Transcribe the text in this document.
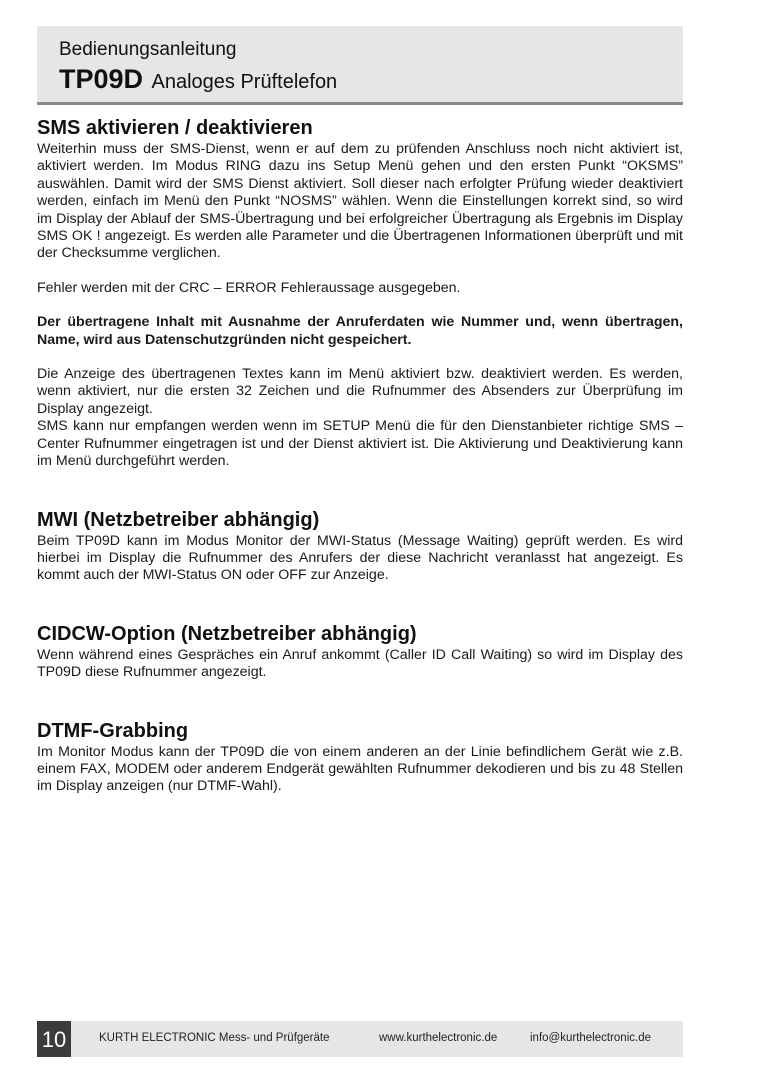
Bedienungsanleitung
TP09D Analoges Prüftelefon
SMS aktivieren / deaktivieren

Weiterhin muss der SMS-Dienst, wenn er auf dem zu prüfenden Anschluss noch nicht aktiviert ist, aktiviert werden. Im Modus RING dazu ins Setup Menü gehen und den ersten Punkt “OKSMS” auswählen. Damit wird der SMS Dienst aktiviert. Soll dieser nach erfolgter Prüfung wieder deaktiviert werden, einfach im Menü den Punkt “NOSMS” wählen. Wenn die Einstellungen korrekt sind, so wird im Display der Ablauf der SMS-Übertragung und bei erfolgreicher Übertragung als Ergebnis im Display SMS OK ! angezeigt. Es werden alle Parameter und die Übertragenen Informationen überprüft und mit der Checksumme verglichen.

Fehler werden mit der CRC – ERROR Fehleraussage ausgegeben.

Der übertragene Inhalt mit Ausnahme der Anruferdaten wie Nummer und, wenn übertragen, Name, wird aus Datenschutzgründen nicht gespeichert.

Die Anzeige des übertragenen Textes kann im Menü aktiviert bzw. deaktiviert werden. Es werden, wenn aktiviert, nur die ersten 32 Zeichen und die Rufnummer des Absenders zur Überprüfung im Display angezeigt.

SMS kann nur empfangen werden wenn im SETUP Menü die für den Dienstanbieter richtige SMS – Center Rufnummer eingetragen ist und der Dienst aktiviert ist. Die Aktivierung und Deaktivierung kann im Menü durchgeführt werden.

MWI (Netzbetreiber abhängig)

Beim TP09D kann im Modus Monitor der MWI-Status (Message Waiting) geprüft werden. Es wird hierbei im Display die Rufnummer des Anrufers der diese Nachricht veranlasst hat angezeigt. Es kommt auch der MWI-Status ON oder OFF zur Anzeige.

CIDCW-Option (Netzbetreiber abhängig)

Wenn während eines Gespräches ein Anruf ankommt (Caller ID Call Waiting) so wird im Display des TP09D diese Rufnummer angezeigt.

DTMF-Grabbing

Im Monitor Modus kann der TP09D die von einem anderen an der Linie befindlichem Gerät wie z.B. einem FAX, MODEM oder anderem Endgerät gewählten Rufnummer dekodieren und bis zu 48 Stellen im Display anzeigen (nur DTMF-Wahl).

10	KURTH ELECTRONIC Mess- und Prüfgeräte	www.kurthelectronic.de	info@kurthelectronic.de
